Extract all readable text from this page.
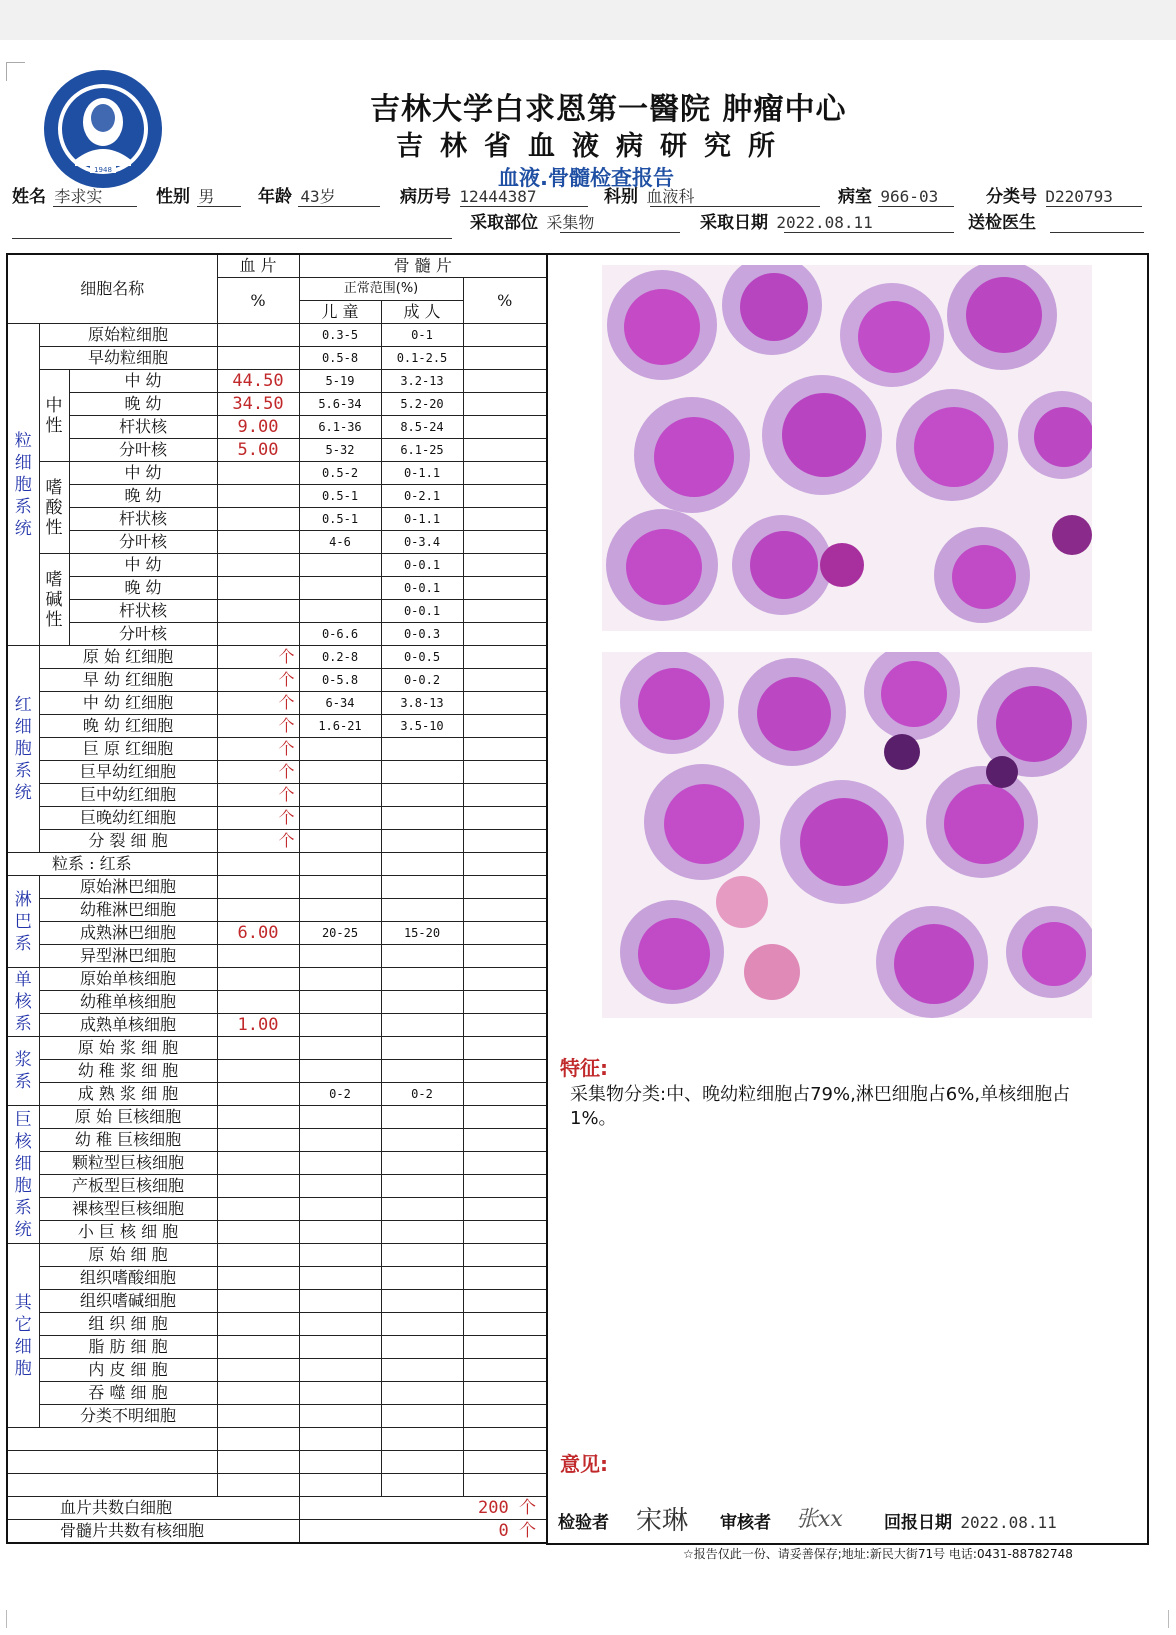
1948
吉林大学白求恩第一醫院 肿瘤中心
吉林省血液病研究所
血液.骨髓检查报告
姓名 李求实	性别 男	年龄 43岁	病历号 12444387	科别 血液科	病室 966-03	分类号 D220793
采取部位 采集物	采取日期 2022.08.11	送检医生
细胞名称			血 片	骨 髓 片		
			%	正常范围(%)		%
				儿 童	成 人	
粒细胞系统	原始粒细胞			0.3-5	0-1	
	早幼粒细胞			0.5-8	0.1-2.5	
	中性	中 幼	44.50	5-19	3.2-13	
		晚 幼	34.50	5.6-34	5.2-20	
		杆状核	9.00	6.1-36	8.5-24	
		分叶核	5.00	5-32	6.1-25	
	嗜酸性	中 幼		0.5-2	0-1.1	
		晚 幼		0.5-1	0-2.1	
		杆状核		0.5-1	0-1.1	
		分叶核		4-6	0-3.4	
	嗜碱性	中 幼			0-0.1	
		晚 幼			0-0.1	
		杆状核			0-0.1	
		分叶核		0-6.6	0-0.3	
红细胞系统	原 始 红细胞		个	0.2-8	0-0.5	
	早 幼 红细胞		个	0-5.8	0-0.2	
	中 幼 红细胞		个	6-34	3.8-13	
	晚 幼 红细胞		个	1.6-21	3.5-10	
	巨 原 红细胞		个			
	巨早幼红细胞		个			
	巨中幼红细胞		个			
	巨晚幼红细胞		个			
	分 裂 细 胞		个			
粒系 : 红系						
淋巴系	原始淋巴细胞					
	幼稚淋巴细胞					
	成熟淋巴细胞		6.00	20-25	15-20	
	异型淋巴细胞					
单核系	原始单核细胞					
	幼稚单核细胞					
	成熟单核细胞		1.00			
浆系	原 始 浆 细 胞					
	幼 稚 浆 细 胞					
	成 熟 浆 细 胞			0-2	0-2	
巨核细胞系统	原 始 巨核细胞					
	幼 稚 巨核细胞					
	颗粒型巨核细胞					
	产板型巨核细胞					
	裸核型巨核细胞					
	小 巨 核 细 胞					
其它细胞	原 始 细 胞					
	组织嗜酸细胞					
	组织嗜碱细胞					
	组 织 细 胞					
	脂 肪 细 胞					
	内 皮 细 胞					
	吞 噬 细 胞					
	分类不明细胞					

血片共数白细胞				200 个		
骨髓片共数有核细胞				0 个		
特征:
采集物分类:中、晚幼粒细胞占79%,淋巴细胞占6%,单核细胞占1%。
意见:
检验者 宋琳 审核者 张xx 回报日期 2022.08.11
☆报告仅此一份、请妥善保存;地址:新民大街71号 电话:0431-88782748
